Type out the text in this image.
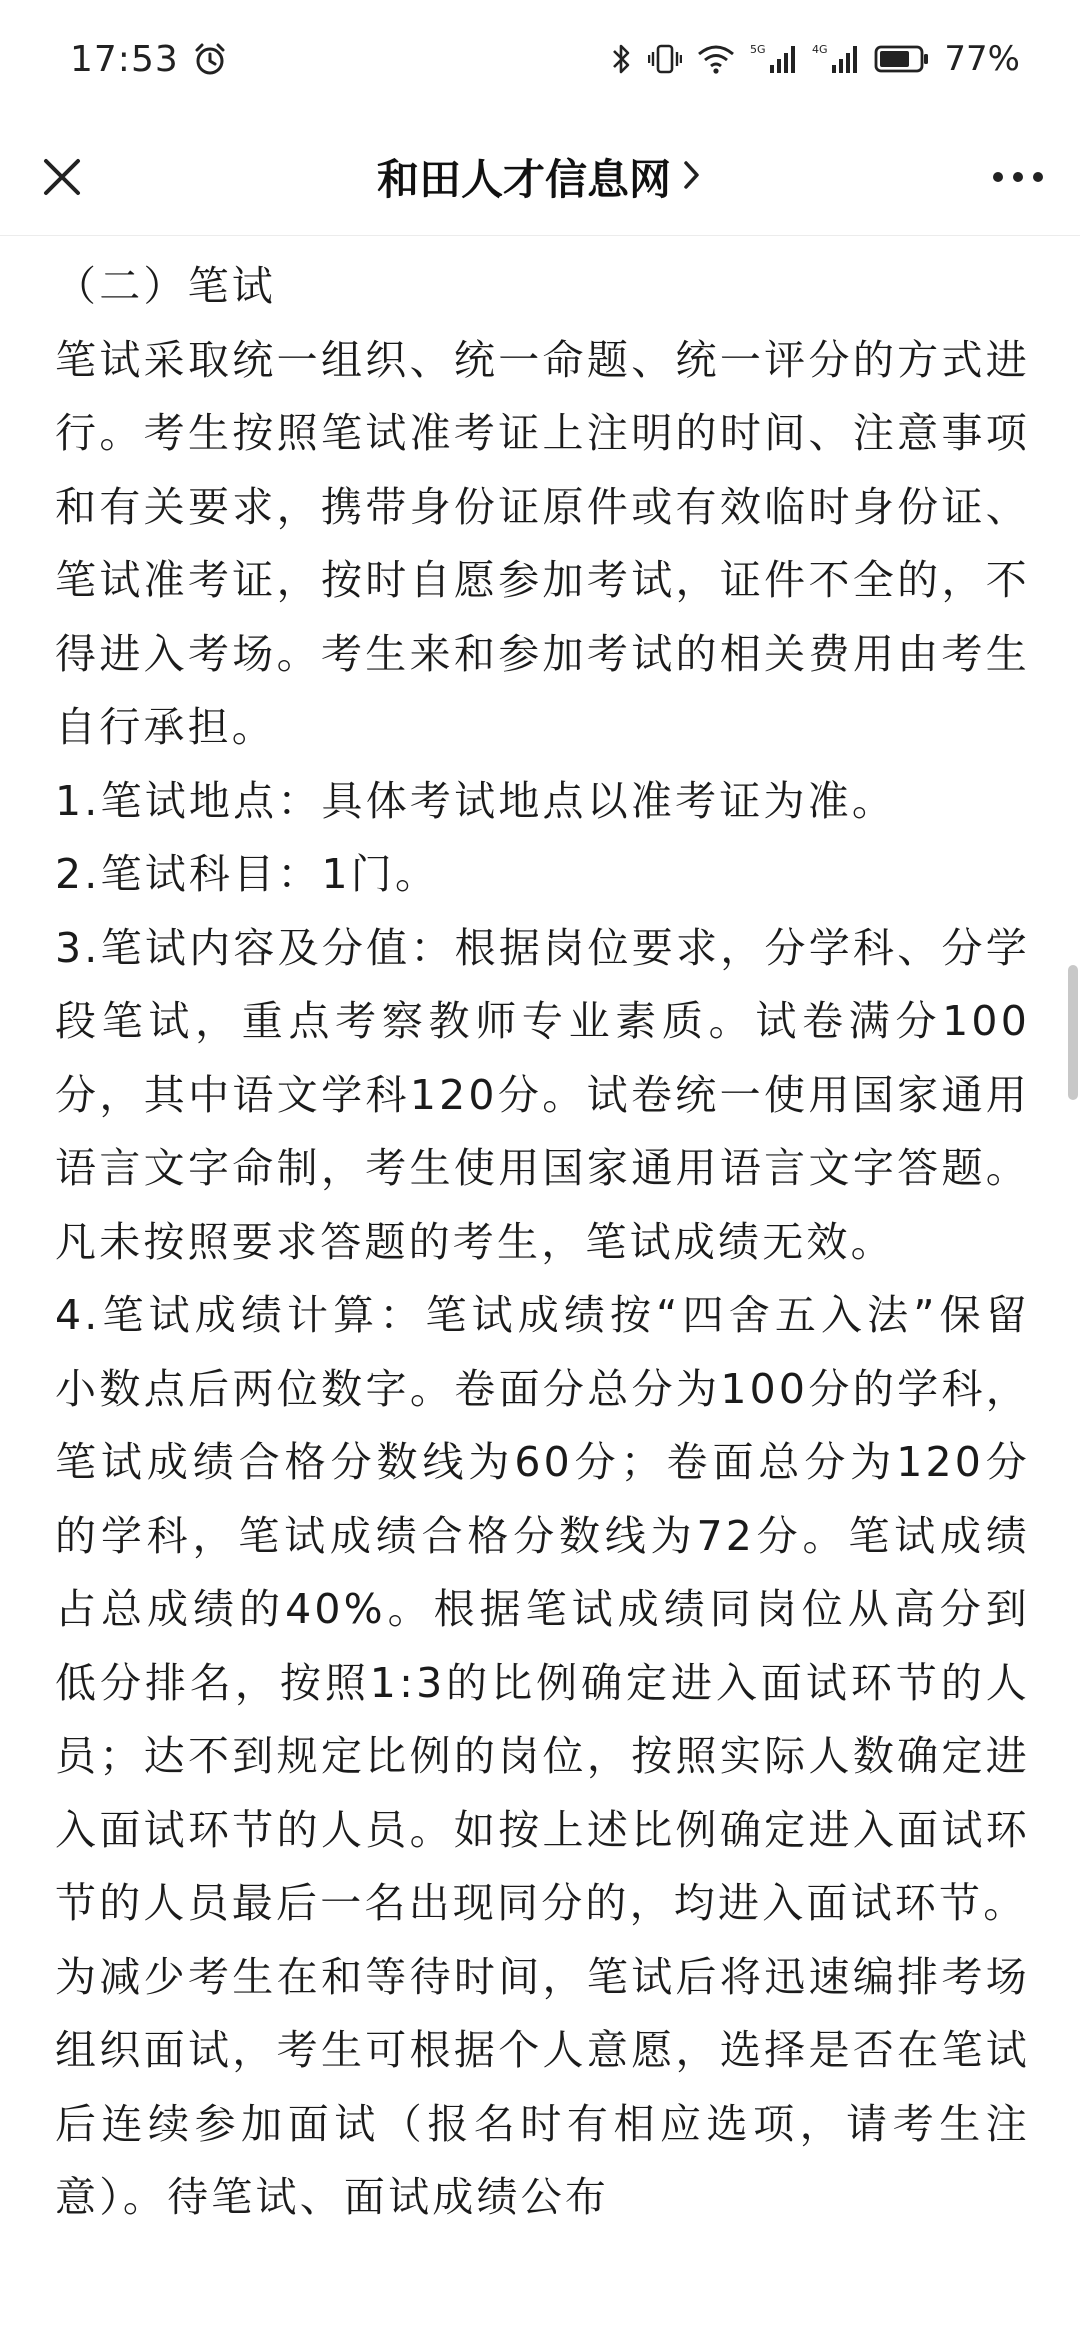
17:53	5G	4G	77%
和田人才信息网

（二）笔试

笔试采取统一组织、统一命题、统一评分的方式进行。考生按照笔试准考证上注明的时间、注意事项和有关要求，携带身份证原件或有效临时身份证、笔试准考证，按时自愿参加考试，证件不全的，不得进入考场。考生来和参加考试的相关费用由考生自行承担。

1.笔试地点：具体考试地点以准考证为准。

2.笔试科目：1门。

3.笔试内容及分值：根据岗位要求，分学科、分学段笔试，重点考察教师专业素质。试卷满分100分，其中语文学科120分。试卷统一使用国家通用语言文字命制，考生使用国家通用语言文字答题。凡未按照要求答题的考生，笔试成绩无效。

4.笔试成绩计算：笔试成绩按“四舍五入法”保留小数点后两位数字。卷面分总分为100分的学科，笔试成绩合格分数线为60分；卷面总分为120分的学科，笔试成绩合格分数线为72分。笔试成绩占总成绩的40%。根据笔试成绩同岗位从高分到低分排名，按照1:3的比例确定进入面试环节的人员；达不到规定比例的岗位，按照实际人数确定进入面试环节的人员。如按上述比例确定进入面试环节的人员最后一名出现同分的，均进入面试环节。

为减少考生在和等待时间，笔试后将迅速编排考场组织面试，考生可根据个人意愿，选择是否在笔试后连续参加面试（报名时有相应选项，请考生注意）。待笔试、面试成绩公布
